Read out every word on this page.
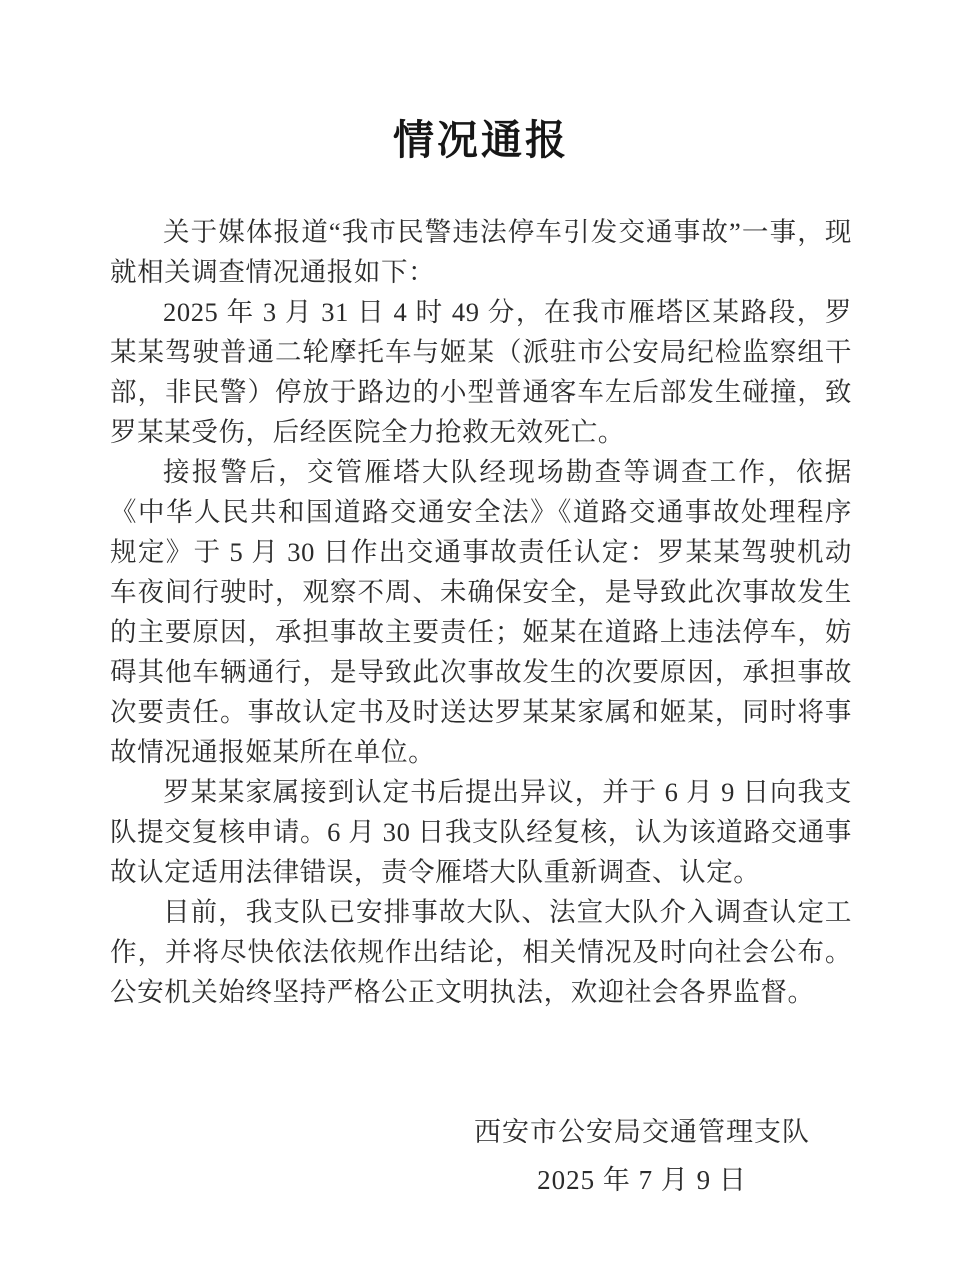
情况通报

关于媒体报道“我市民警违法停车引发交通事故”一事，现就相关调查情况通报如下：

2025 年 3 月 31 日 4 时 49 分，在我市雁塔区某路段，罗某某驾驶普通二轮摩托车与姬某（派驻市公安局纪检监察组干部，非民警）停放于路边的小型普通客车左后部发生碰撞，致罗某某受伤，后经医院全力抢救无效死亡。

接报警后，交管雁塔大队经现场勘查等调查工作，依据《中华人民共和国道路交通安全法》《道路交通事故处理程序规定》于 5 月 30 日作出交通事故责任认定：罗某某驾驶机动车夜间行驶时，观察不周、未确保安全，是导致此次事故发生的主要原因，承担事故主要责任；姬某在道路上违法停车，妨碍其他车辆通行，是导致此次事故发生的次要原因，承担事故次要责任。事故认定书及时送达罗某某家属和姬某，同时将事故情况通报姬某所在单位。

罗某某家属接到认定书后提出异议，并于 6 月 9 日向我支队提交复核申请。6 月 30 日我支队经复核，认为该道路交通事故认定适用法律错误，责令雁塔大队重新调查、认定。

目前，我支队已安排事故大队、法宣大队介入调查认定工作，并将尽快依法依规作出结论，相关情况及时向社会公布。公安机关始终坚持严格公正文明执法，欢迎社会各界监督。

西安市公安局交通管理支队
2025 年 7 月 9 日
